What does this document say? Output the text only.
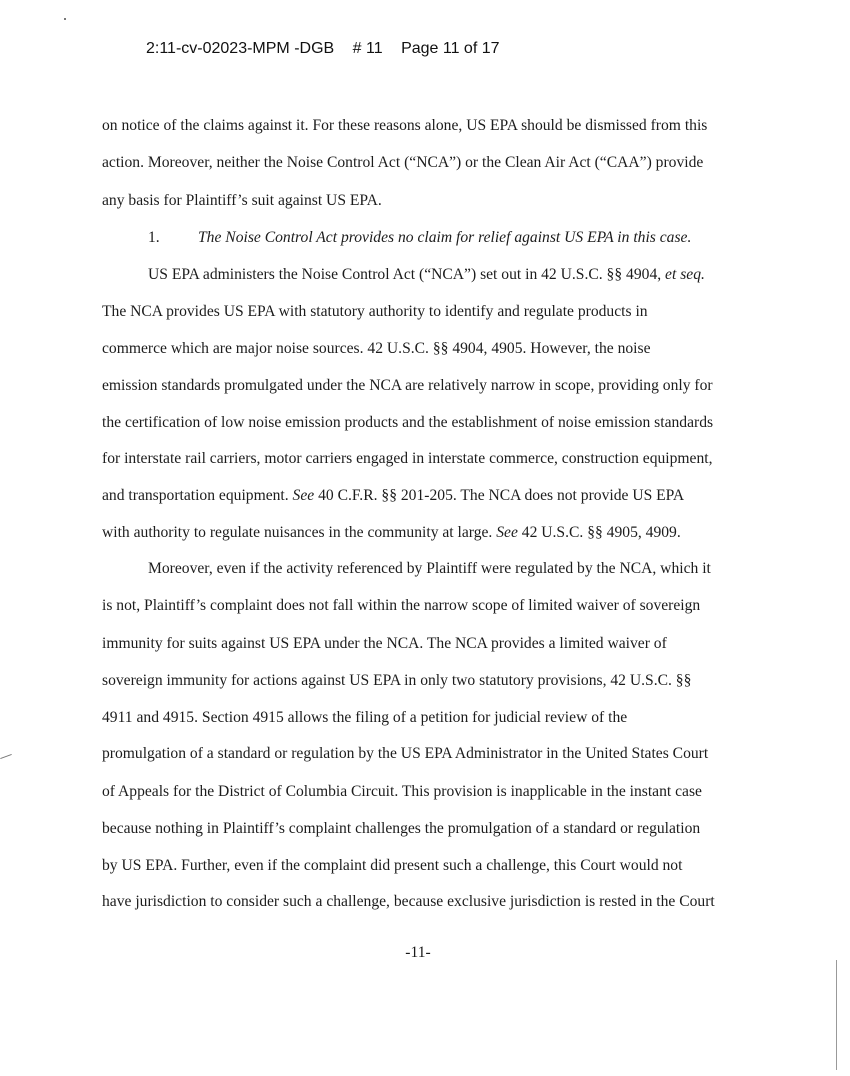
2:11-cv-02023-MPM -DGB # 11 Page 11 of 17
on notice of the claims against it. For these reasons alone, US EPA should be dismissed from this
action. Moreover, neither the Noise Control Act (“NCA”) or the Clean Air Act (“CAA”) provide
any basis for Plaintiff’s suit against US EPA.
1. The Noise Control Act provides no claim for relief against US EPA in this case.
US EPA administers the Noise Control Act (“NCA”) set out in 42 U.S.C. §§ 4904, et seq.
The NCA provides US EPA with statutory authority to identify and regulate products in
commerce which are major noise sources. 42 U.S.C. §§ 4904, 4905. However, the noise
emission standards promulgated under the NCA are relatively narrow in scope, providing only for
the certification of low noise emission products and the establishment of noise emission standards
for interstate rail carriers, motor carriers engaged in interstate commerce, construction equipment,
and transportation equipment. See 40 C.F.R. §§ 201-205. The NCA does not provide US EPA
with authority to regulate nuisances in the community at large. See 42 U.S.C. §§ 4905, 4909.
Moreover, even if the activity referenced by Plaintiff were regulated by the NCA, which it
is not, Plaintiff’s complaint does not fall within the narrow scope of limited waiver of sovereign
immunity for suits against US EPA under the NCA. The NCA provides a limited waiver of
sovereign immunity for actions against US EPA in only two statutory provisions, 42 U.S.C. §§
4911 and 4915. Section 4915 allows the filing of a petition for judicial review of the
promulgation of a standard or regulation by the US EPA Administrator in the United States Court
of Appeals for the District of Columbia Circuit. This provision is inapplicable in the instant case
because nothing in Plaintiff’s complaint challenges the promulgation of a standard or regulation
by US EPA. Further, even if the complaint did present such a challenge, this Court would not
have jurisdiction to consider such a challenge, because exclusive jurisdiction is rested in the Court
-11-
